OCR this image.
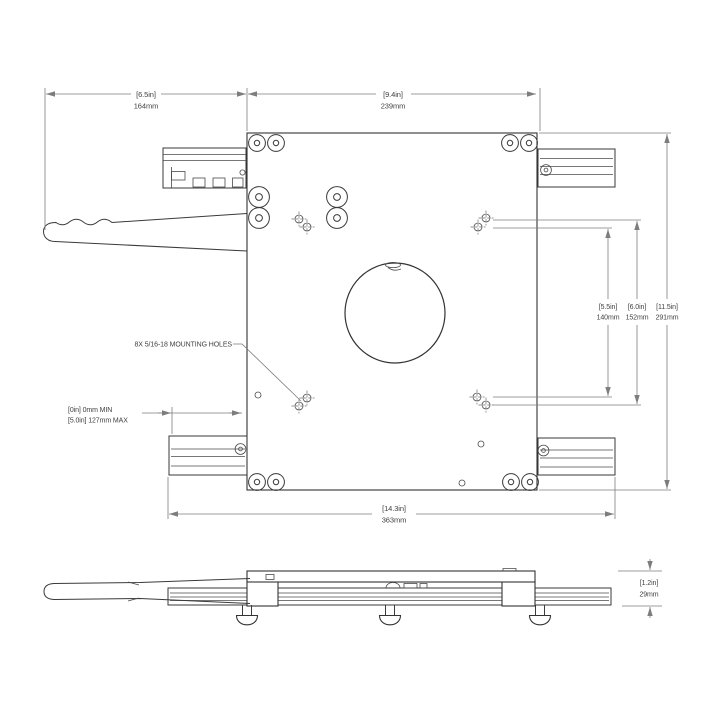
[6.5in]
164mm
[9.4in]
239mm
[14.3in]
363mm
[5.5in]
140mm
[6.0in]
152mm
[11.5in]
291mm
[0in] 0mm MIN
[5.0in] 127mm MAX
8X 5/16-18 MOUNTING HOLES
[1.2in]
29mm
